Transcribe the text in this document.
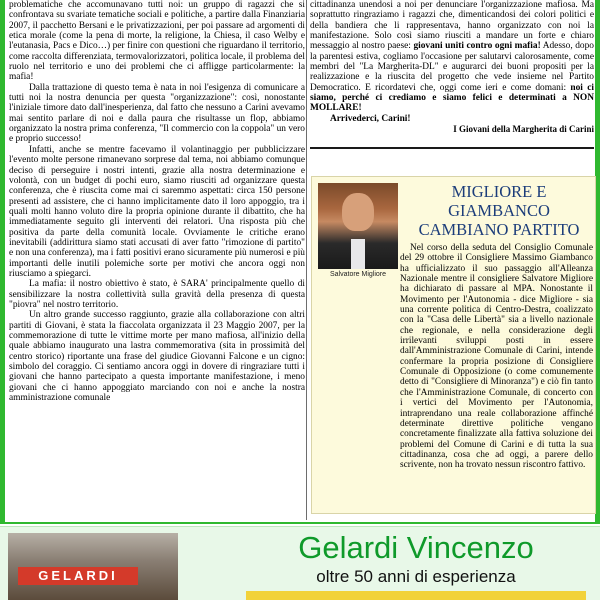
problematiche che accomunavano tutti noi: un gruppo di ragazzi che si confrontava su svariate tematiche sociali e politiche, a partire dalla Finanziaria 2007, il pacchetto Bersani e le privatizzazioni, per poi passare ad argomenti di etica morale (come la pena di morte, la religione, la Chiesa, il caso Welby e l'eutanasia, Pacs e Dico…) per finire con questioni che riguardano il territorio, come raccolta differenziata, termovalorizzatori, politica locale, il problema del ruolo nel territorio e uno dei problemi che ci affligge particolarmente: la mafia!

Dalla trattazione di questo tema è nata in noi l'esigenza di comunicare a tutti noi la nostra denuncia per questa "organizzazione": così, nonostante l'iniziale timore dato dall'inesperienza, dal fatto che nessuno a Carini avevamo mai sentito parlare di noi e dalla paura che risultasse un flop, abbiamo organizzato la nostra prima conferenza, "Il commercio con la coppola" un vero e proprio successo!

Infatti, anche se mentre facevamo il volantinaggio per pubblicizzare l'evento molte persone rimanevano sorprese dal tema, noi abbiamo comunque deciso di perseguire i nostri intenti, grazie alla nostra determinazione e volontà, con un budget di pochi euro, siamo riusciti ad organizzare questa conferenza, che è riuscita come mai ci saremmo aspettati: circa 150 persone presenti ad assistere, che ci hanno implicitamente dato il loro appoggio, tra i quali molti hanno voluto dire la propria opinione durante il dibattito, che ha immediatamente seguito gli interventi dei relatori. Una risposta più che positiva da parte della comunità locale. Ovviamente le critiche erano inevitabili (addirittura siamo stati accusati di aver fatto "rimozione di partito" e non una conferenza), ma i fatti positivi erano sicuramente più numerosi e più importanti delle inutili polemiche sorte per motivi che ancora oggi non riusciamo a spiegarci.

La mafia: il nostro obiettivo è stato, è SARA' principalmente quello di sensibilizzare la nostra collettività sulla gravità della presenza di questa "piovra" nel nostro territorio.

Un altro grande successo raggiunto, grazie alla collaborazione con altri partiti di Giovani, è stata la fiaccolata organizzata il 23 Maggio 2007, per la commemorazione di tutte le vittime morte per mano mafiosa, all'inizio della quale abbiamo inaugurato una lastra commemorativa (sita in prossimità del centro storico) riportante una frase del giudice Giovanni Falcone e un cigno: simbolo del coraggio. Ci sentiamo ancora oggi in dovere di ringraziare tutti i giovani che hanno partecipato a questa importante manifestazione, i meno giovani che ci hanno appoggiato marciando con noi e anche la nostra amministrazione comunale

cittadinanza unendosi a noi per denunciare l'organizzazione mafiosa. Ma soprattutto ringraziamo i ragazzi che, dimenticandosi dei colori politici e della bandiera che li rappresentava, hanno organizzato con noi la manifestazione. Solo così siamo riusciti a mandare un forte e chiaro messaggio al nostro paese: giovani uniti contro ogni mafia! Adesso, dopo la parentesi estiva, cogliamo l'occasione per salutarvi calorosamente, come membri del "La Margherita-DL" e augurarci dei buoni propositi per la realizzazione e la riuscita del progetto che vede insieme nel Partito Democratico. E ricordatevi che, oggi come ieri e come domani: noi ci siamo, perché ci crediamo e siamo felici e determinati a NON MOLLARE!

Arrivederci, Carini!

I Giovani della Margherita di Carini

Salvatore Migliore
MIGLIORE E GIAMBANCO CAMBIANO PARTITO

Nel corso della seduta del Consiglio Comunale del 29 ottobre il Consigliere Massimo Giambanco ha ufficializzato il suo passaggio all'Alleanza Nazionale mentre il consigliere Salvatore Migliore ha dichiarato di passare al MPA. Nonostante il Movimento per l'Autonomia - dice Migliore - sia una corrente politica di Centro-Destra, coalizzato con la "Casa delle Libertà" sia a livello nazionale che regionale, e nella considerazione degli irrilevanti sviluppi posti in essere dall'Amministrazione Comunale di Carini, intende confermare la propria posizione di Consigliere Comunale di Opposizione (o come comunemente detto di "Consigliere di Minoranza") e ciò fin tanto che l'Amministrazione Comunale, di concerto con i vertici del Movimento per l'Autonomia, intraprendano una reale collaborazione affinché determinate direttive politiche vengano concretamente finalizzate alla fattiva soluzione dei problemi del Comune di Carini e di tutta la sua cittadinanza, cosa che ad oggi, a parere dello scrivente, non ha trovato nessun riscontro fattivo.

GELARDI
Gelardi Vincenzo
oltre 50 anni di esperienza
